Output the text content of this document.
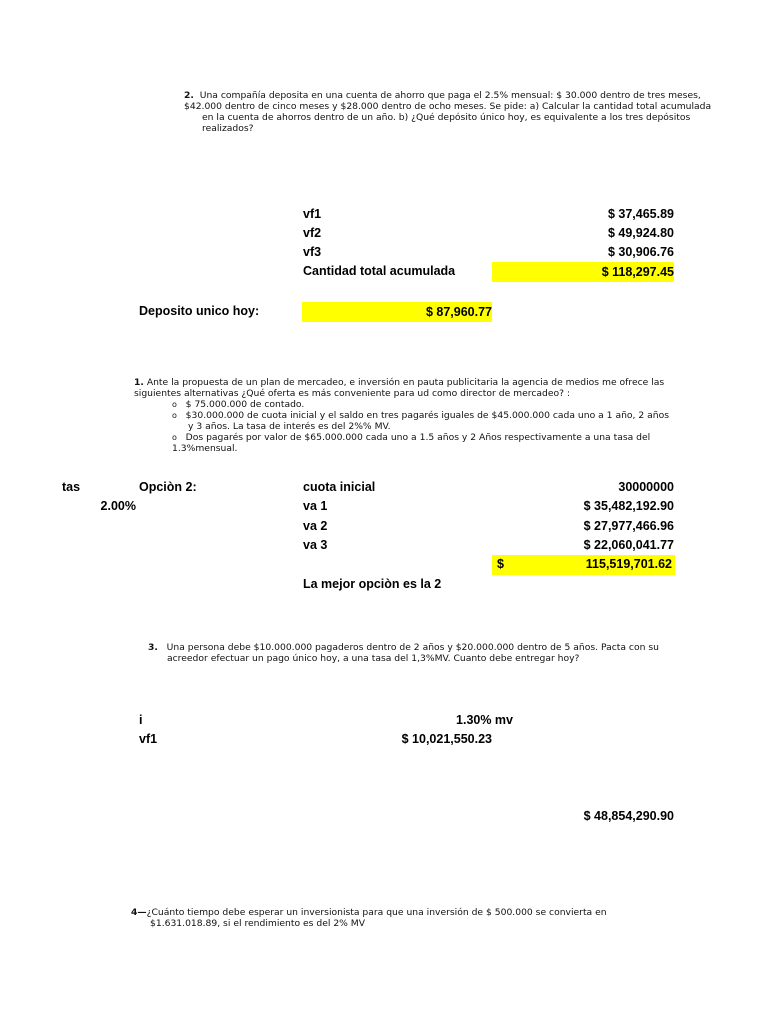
2. Una compañía deposita en una cuenta de ahorro que paga el 2.5% mensual: $ 30.000 dentro de tres meses,
$42.000 dentro de cinco meses y $28.000 dentro de ocho meses. Se pide: a) Calcular la cantidad total acumulada
en la cuenta de ahorros dentro de un año. b) ¿Qué depósito único hoy, es equivalente a los tres depósitos
realizados?
vf1	$ 37,465.89
vf2	$ 49,924.80
vf3	$ 30,906.76
Cantidad total acumulada	$ 118,297.45
Deposito unico hoy:	$ 87,960.77
1. Ante la propuesta de un plan de mercadeo, e inversión en pauta publicitaria la agencia de medios me ofrece las
siguientes alternativas ¿Qué oferta es más conveniente para ud como director de mercadeo? :
o $ 75.000.000 de contado.
o $30.000.000 de cuota inicial y el saldo en tres pagarés iguales de $45.000.000 cada uno a 1 año, 2 años
y 3 años. La tasa de interés es del 2%% MV.
o Dos pagarés por valor de $65.000.000 cada uno a 1.5 años y 2 Años respectivamente a una tasa del
1.3%mensual.
tas
2.00%
Opciòn 2:	cuota inicial	30000000
va 1	$ 35,482,192.90
va 2	$ 27,977,466.96
va 3	$ 22,060,041.77
$	115,519,701.62
La mejor opciòn es la 2
3. Una persona debe $10.000.000 pagaderos dentro de 2 años y $20.000.000 dentro de 5 años. Pacta con su
acreedor efectuar un pago único hoy, a una tasa del 1,3%MV. Cuanto debe entregar hoy?
i	1.30% mv
vf1	$ 10,021,550.23
$ 48,854,290.90
4—¿Cuánto tiempo debe esperar un inversionista para que una inversión de $ 500.000 se convierta en
$1.631.018.89, si el rendimiento es del 2% MV
